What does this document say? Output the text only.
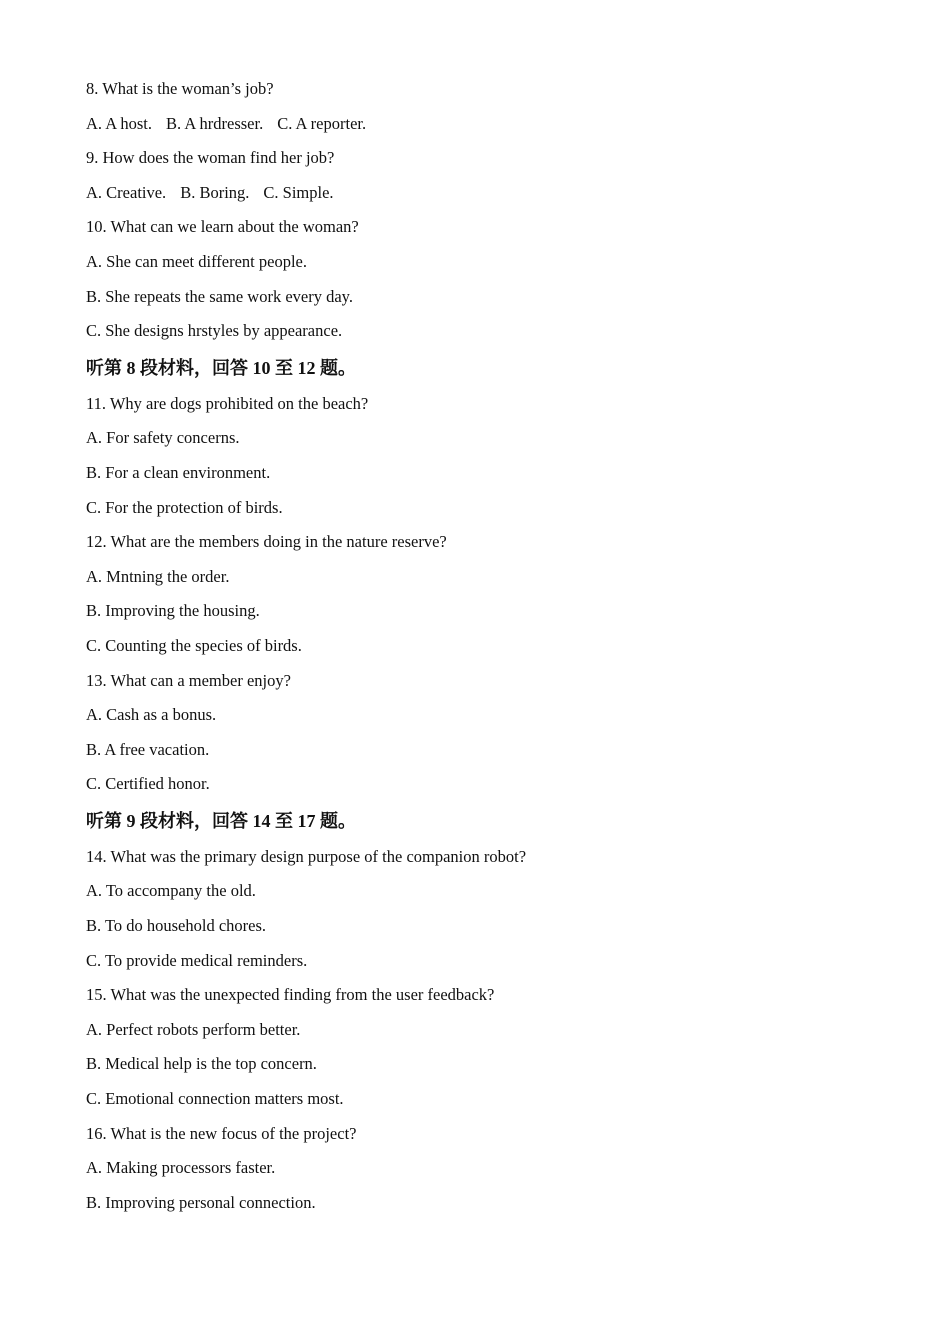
8. What is the woman’s job?

A. A host. B. A hrdresser. C. A reporter.

9. How does the woman find her job?

A. Creative. B. Boring. C. Simple.

10. What can we learn about the woman?

A. She can meet different people.

B. She repeats the same work every day.

C. She designs hrstyles by appearance.

听第 8 段材料，回答 10 至 12 题。

11. Why are dogs prohibited on the beach?

A. For safety concerns.

B. For a clean environment.

C. For the protection of birds.

12. What are the members doing in the nature reserve?

A. Mntning the order.

B. Improving the housing.

C. Counting the species of birds.

13. What can a member enjoy?

A. Cash as a bonus.

B. A free vacation.

C. Certified honor.

听第 9 段材料，回答 14 至 17 题。

14. What was the primary design purpose of the companion robot?

A. To accompany the old.

B. To do household chores.

C. To provide medical reminders.

15. What was the unexpected finding from the user feedback?

A. Perfect robots perform better.

B. Medical help is the top concern.

C. Emotional connection matters most.

16. What is the new focus of the project?

A. Making processors faster.

B. Improving personal connection.
